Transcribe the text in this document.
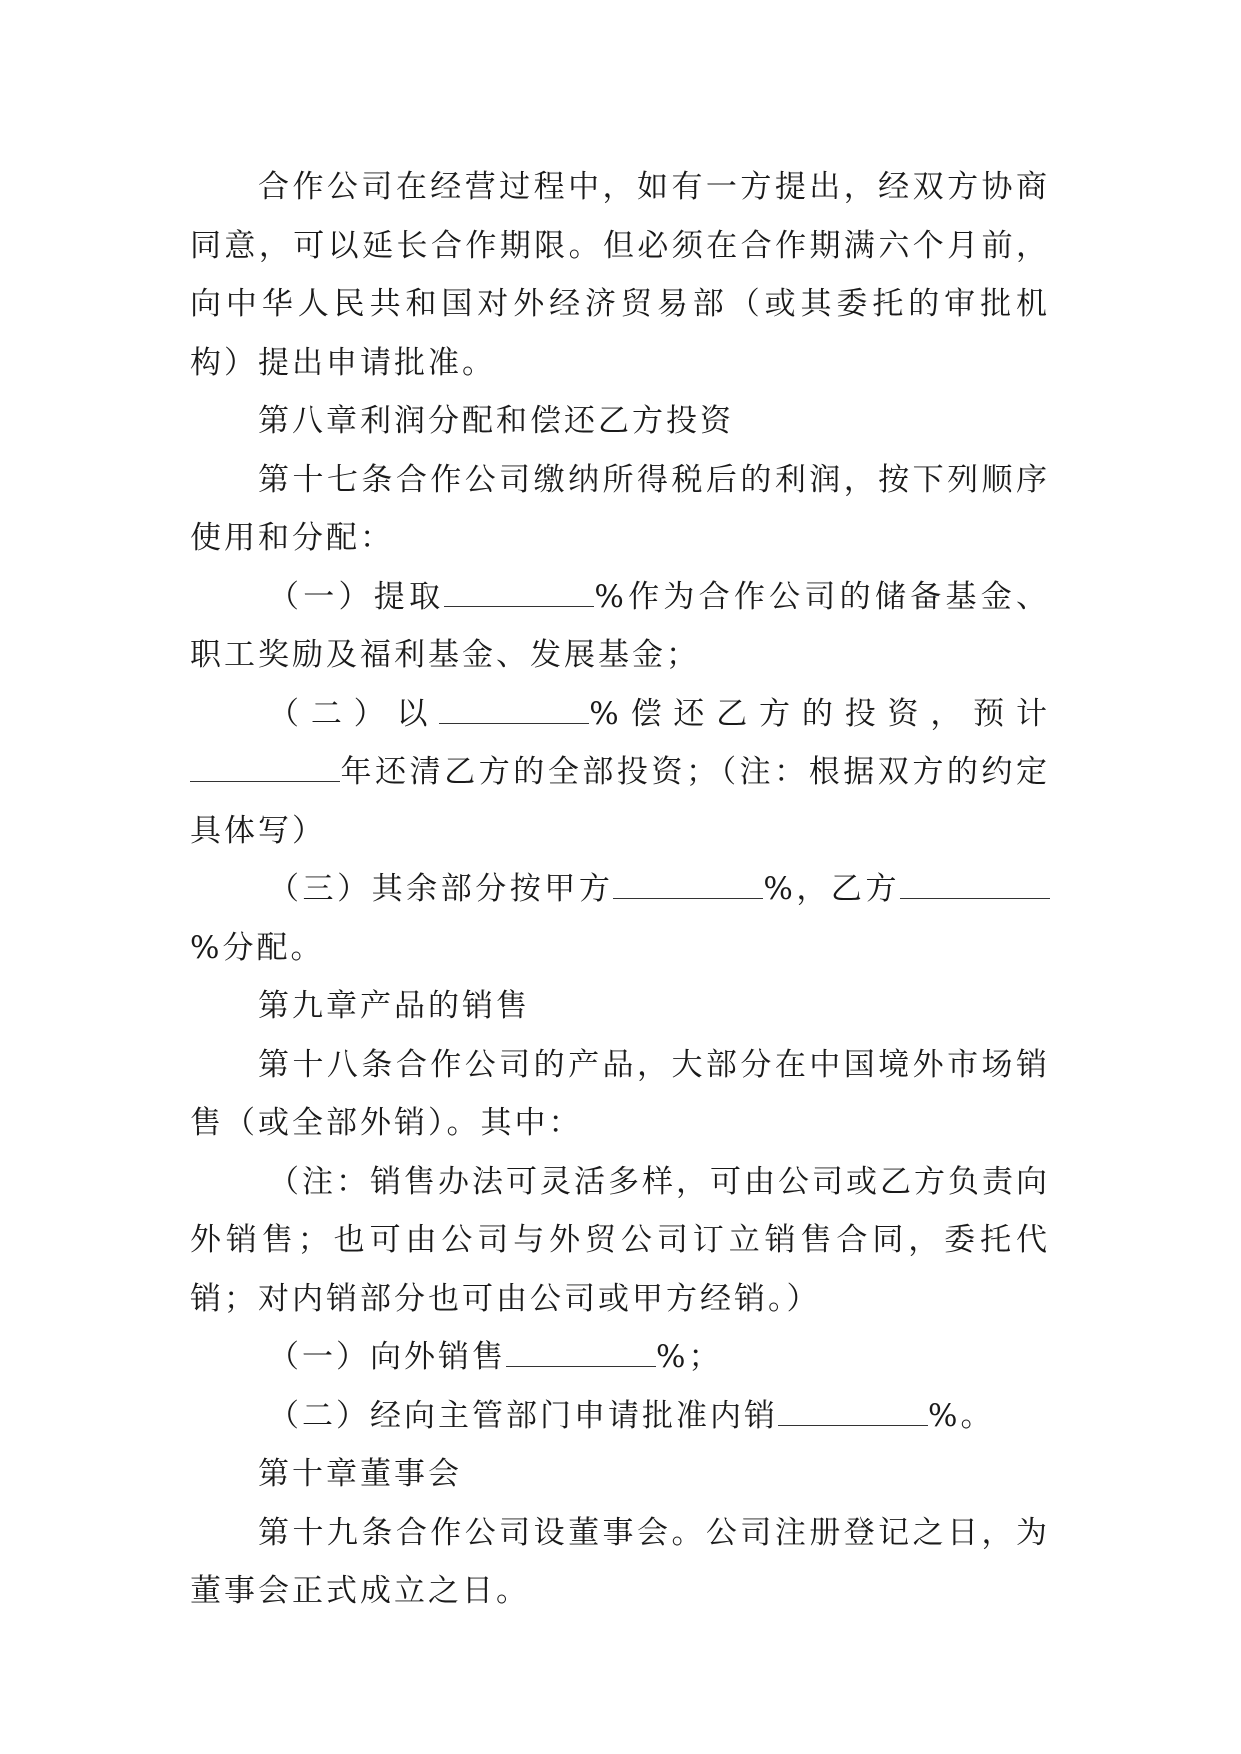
合作公司在经营过程中，如有一方提出，经双方协商同意，可以延长合作期限。但必须在合作期满六个月前，向中华人民共和国对外经济贸易部（或其委托的审批机构）提出申请批准。

第八章利润分配和偿还乙方投资

第十七条合作公司缴纳所得税后的利润，按下列顺序使用和分配：

（一）提取	%作为合作公司的储备基金、职工奖励及福利基金、发展基金；

（二）以	%偿还乙方的投资，预计年还清乙方的全部投资；（注：根据双方的约定具体写）

（三）其余部分按甲方	%，乙方%分配。

第九章产品的销售

第十八条合作公司的产品，大部分在中国境外市场销售（或全部外销）。其中：

（注：销售办法可灵活多样，可由公司或乙方负责向外销售；也可由公司与外贸公司订立销售合同，委托代销；对内销部分也可由公司或甲方经销。）

（一）向外销售	%；

（二）经向主管部门申请批准内销	%。

第十章董事会

第十九条合作公司设董事会。公司注册登记之日，为董事会正式成立之日。
